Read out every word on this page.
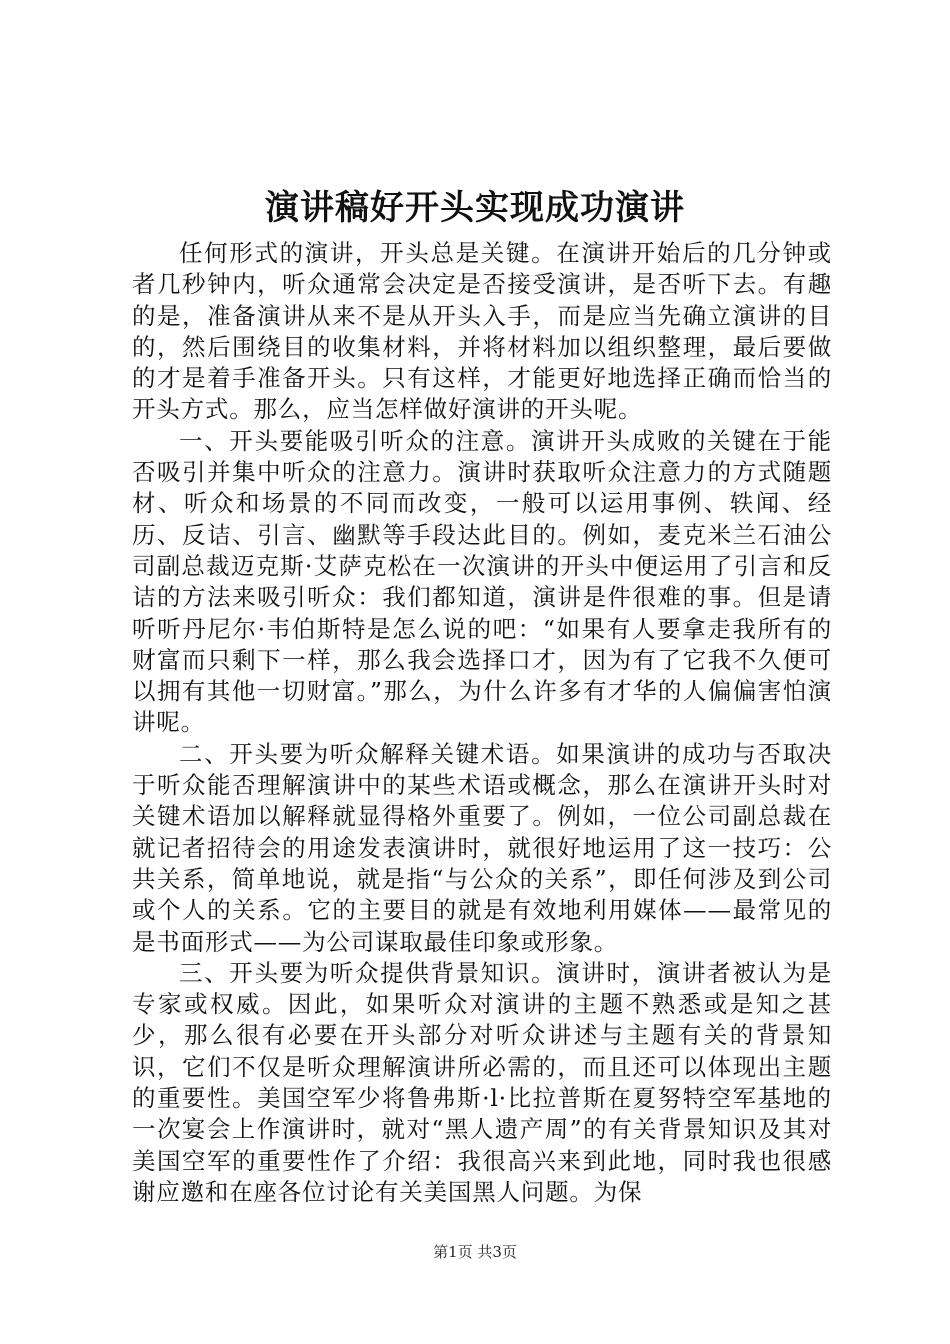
演讲稿好开头实现成功演讲

任何形式的演讲，开头总是关键。在演讲开始后的几分钟或者几秒钟内，听众通常会决定是否接受演讲，是否听下去。有趣的是，准备演讲从来不是从开头入手，而是应当先确立演讲的目的，然后围绕目的收集材料，并将材料加以组织整理，最后要做的才是着手准备开头。只有这样，才能更好地选择正确而恰当的开头方式。那么，应当怎样做好演讲的开头呢。

一、开头要能吸引听众的注意。演讲开头成败的关键在于能否吸引并集中听众的注意力。演讲时获取听众注意力的方式随题材、听众和场景的不同而改变，一般可以运用事例、轶闻、经历、反诘、引言、幽默等手段达此目的。例如，麦克米兰石油公司副总裁迈克斯·艾萨克松在一次演讲的开头中便运用了引言和反诘的方法来吸引听众：我们都知道，演讲是件很难的事。但是请听听丹尼尔·韦伯斯特是怎么说的吧：“如果有人要拿走我所有的财富而只剩下一样，那么我会选择口才，因为有了它我不久便可以拥有其他一切财富。”那么，为什么许多有才华的人偏偏害怕演讲呢。

二、开头要为听众解释关键术语。如果演讲的成功与否取决于听众能否理解演讲中的某些术语或概念，那么在演讲开头时对关键术语加以解释就显得格外重要了。例如，一位公司副总裁在就记者招待会的用途发表演讲时，就很好地运用了这一技巧：公共关系，简单地说，就是指“与公众的关系”，即任何涉及到公司或个人的关系。它的主要目的就是有效地利用媒体——最常见的是书面形式——为公司谋取最佳印象或形象。

三、开头要为听众提供背景知识。演讲时，演讲者被认为是专家或权威。因此，如果听众对演讲的主题不熟悉或是知之甚少，那么很有必要在开头部分对听众讲述与主题有关的背景知识，它们不仅是听众理解演讲所必需的，而且还可以体现出主题的重要性。美国空军少将鲁弗斯·l·比拉普斯在夏努特空军基地的一次宴会上作演讲时，就对“黑人遗产周”的有关背景知识及其对美国空军的重要性作了介绍：我很高兴来到此地，同时我也很感谢应邀和在座各位讨论有关美国黑人问题。为保

第1页 共3页
